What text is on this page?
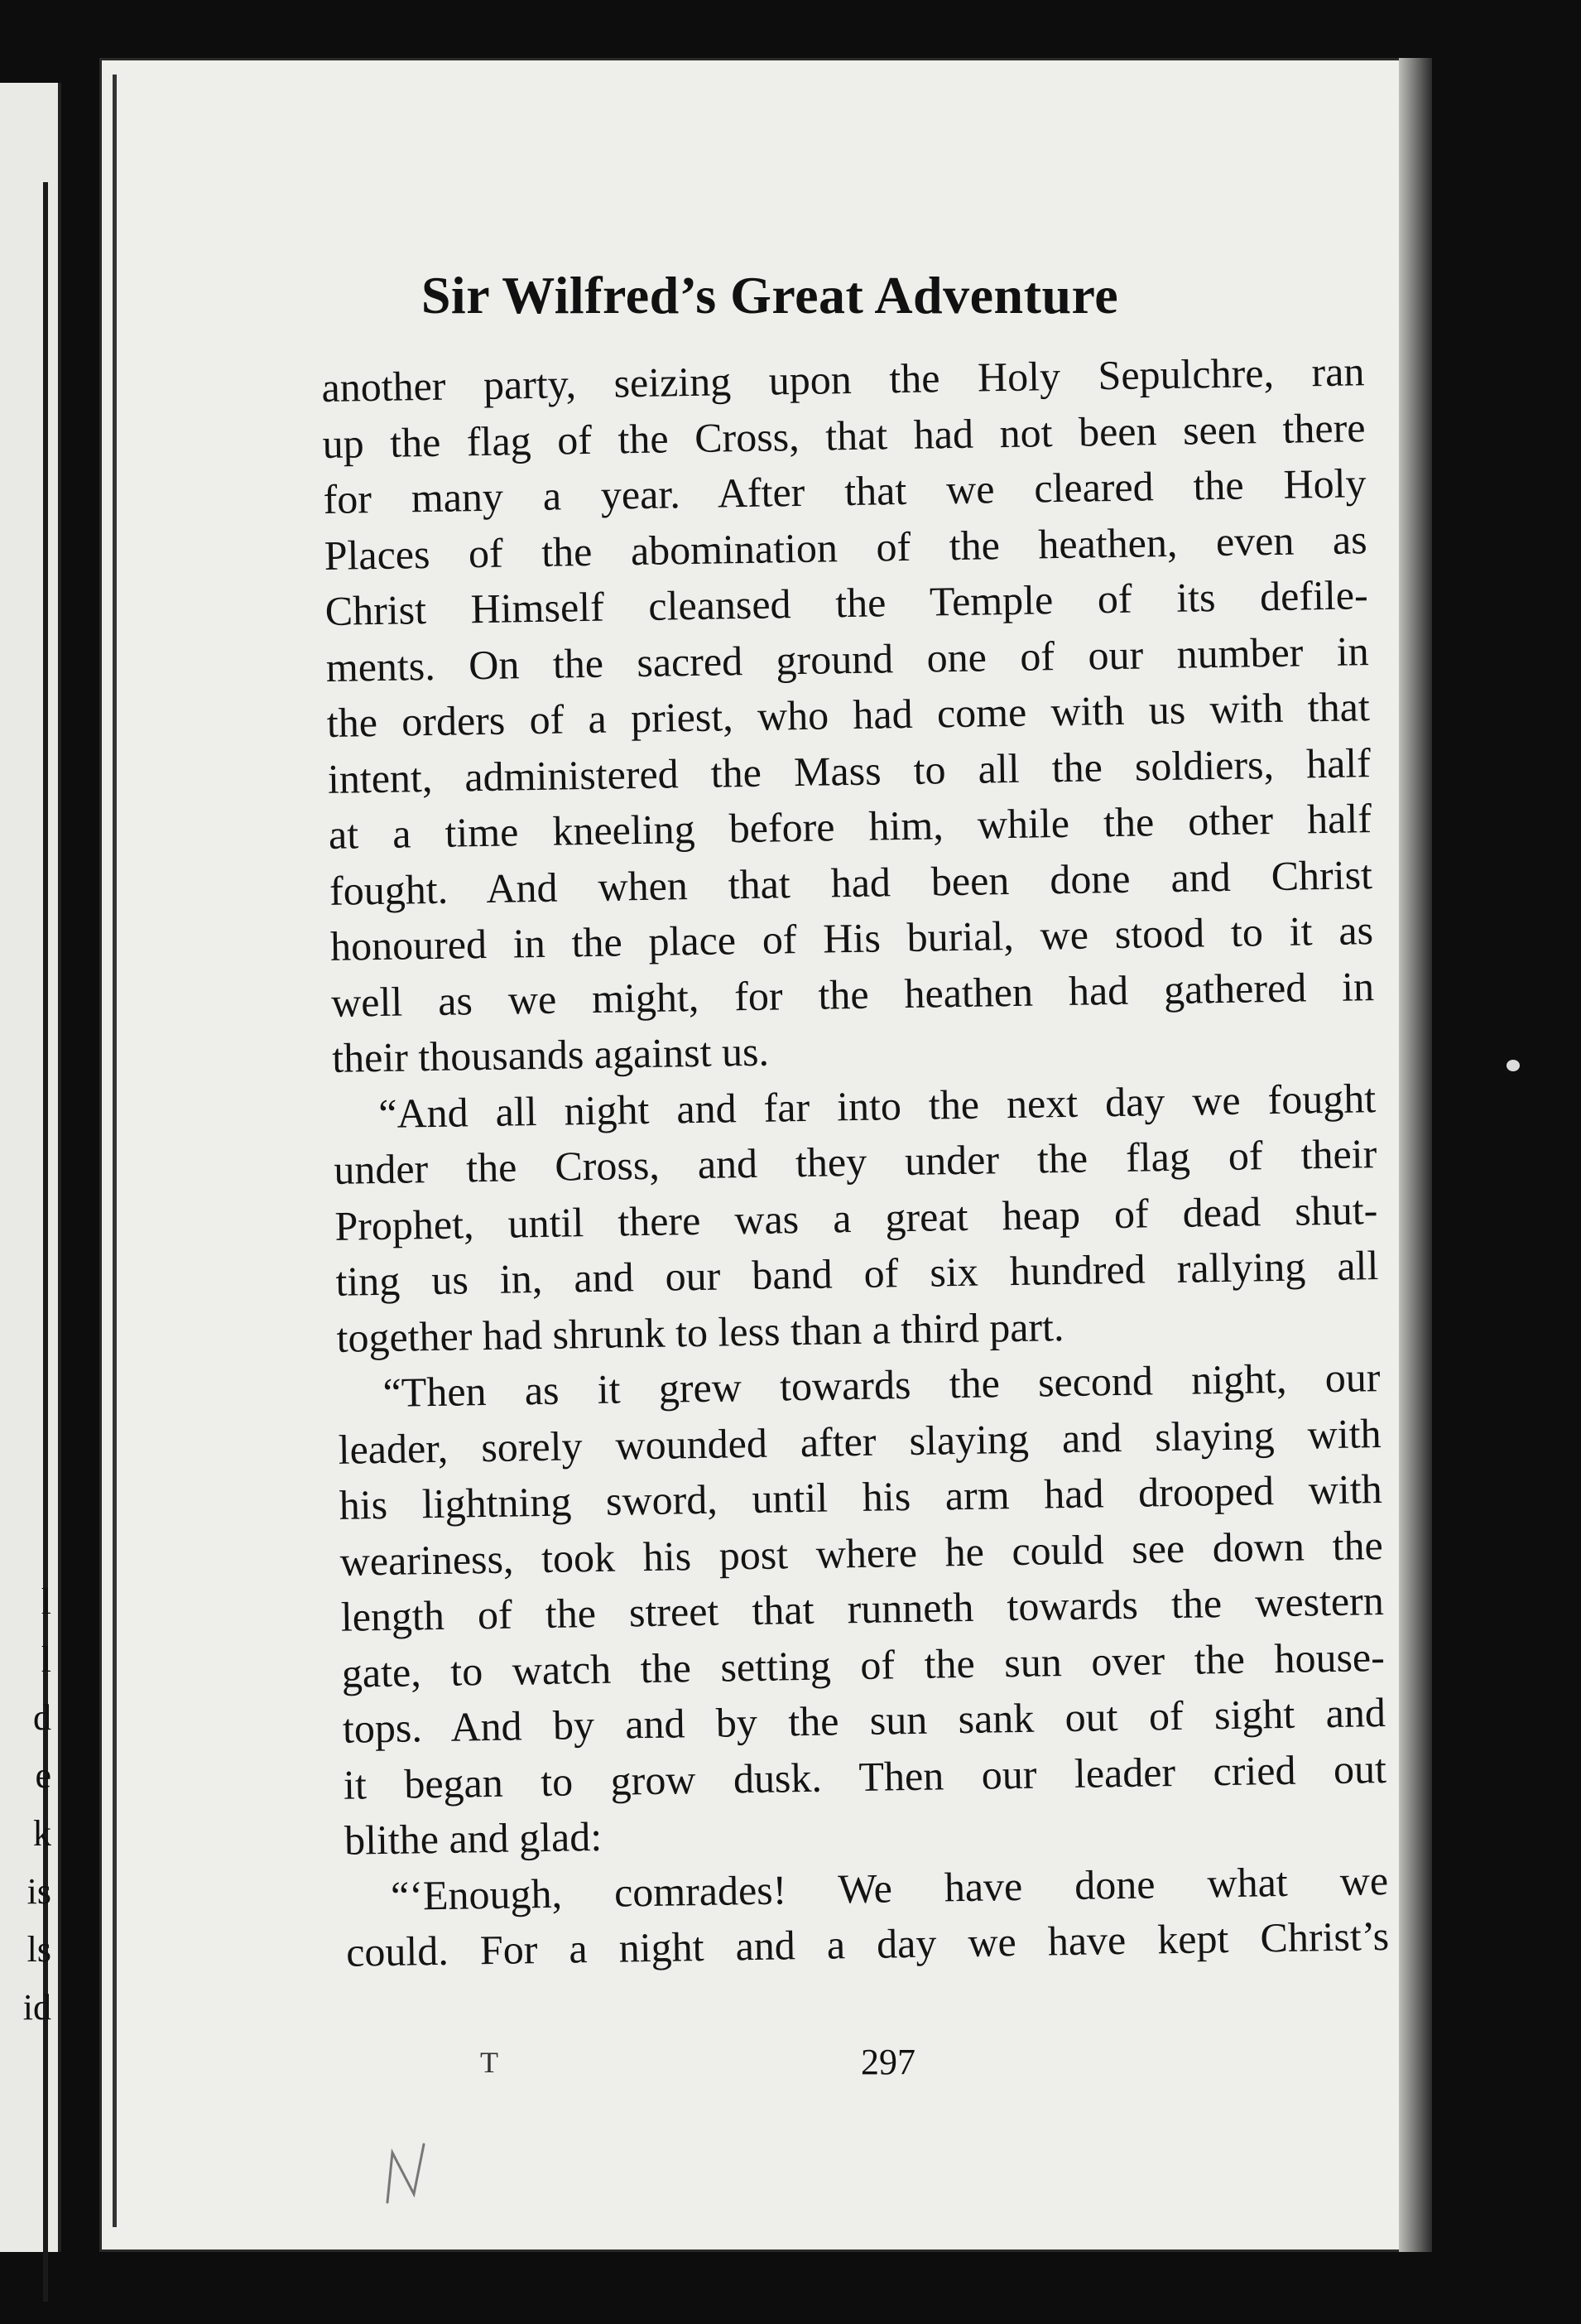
l
l
d
e
k
is
ls
id
Sir Wilfred’s Great Adventure
another party, seizing upon the Holy Sepulchre, ran
up the flag of the Cross, that had not been seen there
for many a year. After that we cleared the Holy
Places of the abomination of the heathen, even as
Christ Himself cleansed the Temple of its defile-
ments. On the sacred ground one of our number in
the orders of a priest, who had come with us with that
intent, administered the Mass to all the soldiers, half
at a time kneeling before him, while the other half
fought. And when that had been done and Christ
honoured in the place of His burial, we stood to it as
well as we might, for the heathen had gathered in
their thousands against us.
“And all night and far into the next day we fought
under the Cross, and they under the flag of their
Prophet, until there was a great heap of dead shut-
ting us in, and our band of six hundred rallying all
together had shrunk to less than a third part.
“Then as it grew towards the second night, our
leader, sorely wounded after slaying and slaying with
his lightning sword, until his arm had drooped with
weariness, took his post where he could see down the
length of the street that runneth towards the western
gate, to watch the setting of the sun over the house-
tops. And by and by the sun sank out of sight and
it began to grow dusk. Then our leader cried out
blithe and glad:
“‘Enough, comrades! We have done what we
could. For a night and a day we have kept Christ’s
T	297
